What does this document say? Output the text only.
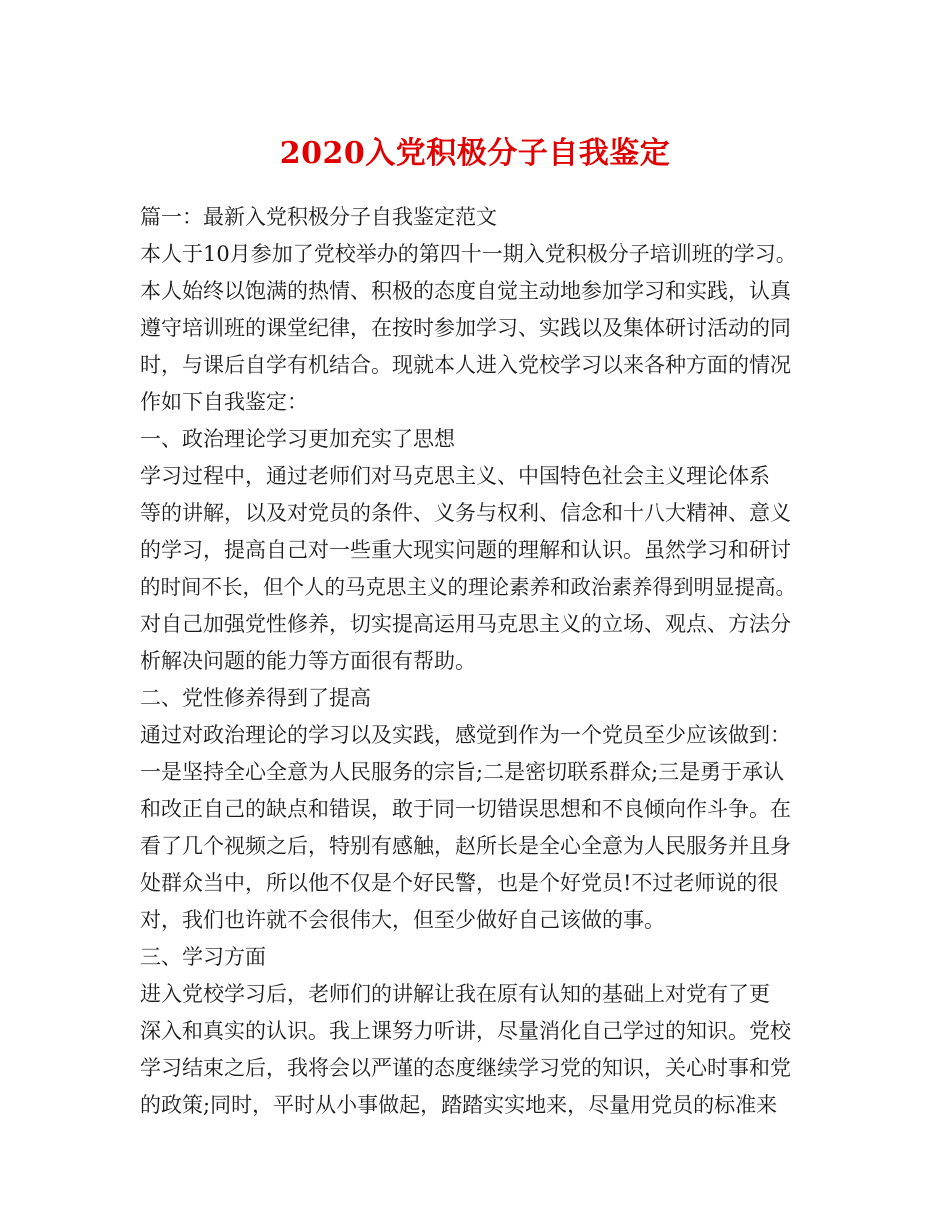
2020入党积极分子自我鉴定
篇一：最新入党积极分子自我鉴定范文
本人于10月参加了党校举办的第四十一期入党积极分子培训班的学习。
本人始终以饱满的热情、积极的态度自觉主动地参加学习和实践，认真
遵守培训班的课堂纪律，在按时参加学习、实践以及集体研讨活动的同
时，与课后自学有机结合。现就本人进入党校学习以来各种方面的情况
作如下自我鉴定：
一、政治理论学习更加充实了思想
学习过程中，通过老师们对马克思主义、中国特色社会主义理论体系
等的讲解，以及对党员的条件、义务与权利、信念和十八大精神、意义
的学习，提高自己对一些重大现实问题的理解和认识。虽然学习和研讨
的时间不长，但个人的马克思主义的理论素养和政治素养得到明显提高。
对自己加强党性修养，切实提高运用马克思主义的立场、观点、方法分
析解决问题的能力等方面很有帮助。
二、党性修养得到了提高
通过对政治理论的学习以及实践，感觉到作为一个党员至少应该做到：
一是坚持全心全意为人民服务的宗旨;二是密切联系群众;三是勇于承认
和改正自己的缺点和错误，敢于同一切错误思想和不良倾向作斗争。在
看了几个视频之后，特别有感触，赵所长是全心全意为人民服务并且身
处群众当中，所以他不仅是个好民警，也是个好党员!不过老师说的很
对，我们也许就不会很伟大，但至少做好自己该做的事。
三、学习方面
进入党校学习后，老师们的讲解让我在原有认知的基础上对党有了更
深入和真实的认识。我上课努力听讲，尽量消化自己学过的知识。党校
学习结束之后，我将会以严谨的态度继续学习党的知识，关心时事和党
的政策;同时，平时从小事做起，踏踏实实地来，尽量用党员的标准来
